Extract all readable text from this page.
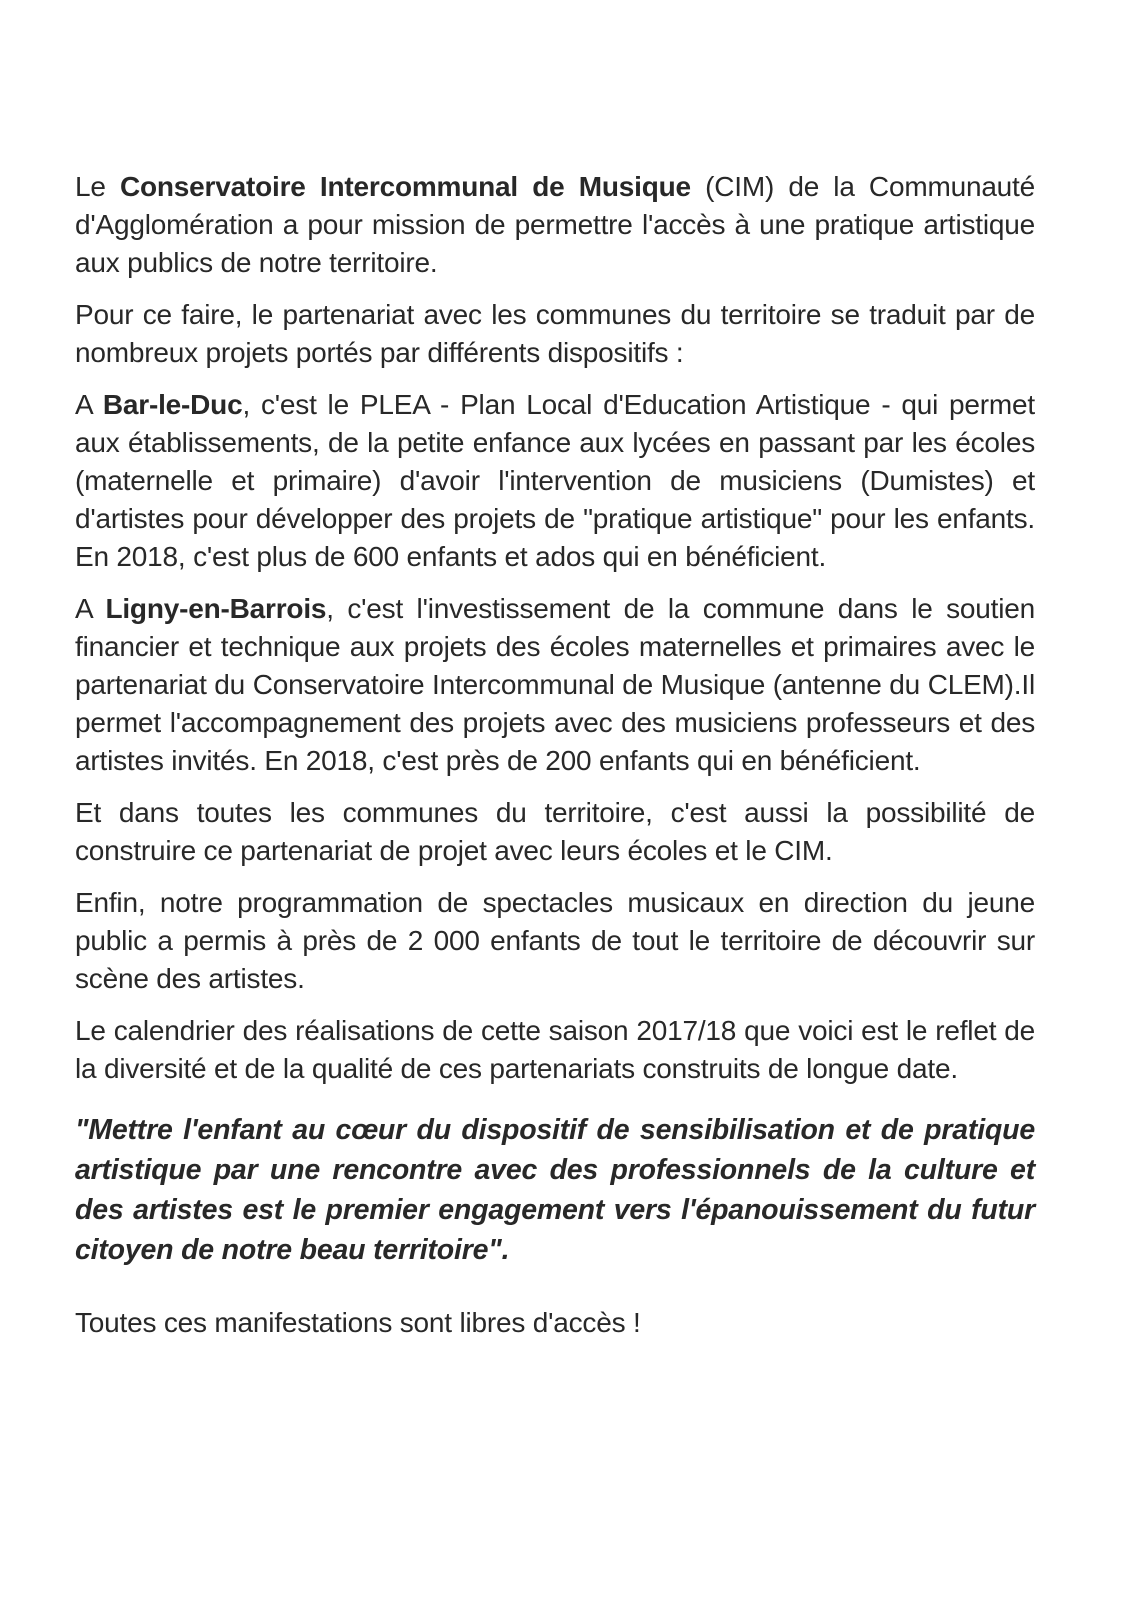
Le Conservatoire Intercommunal de Musique (CIM) de la Communauté d'Agglomération a pour mission de permettre l'accès à une pratique artistique aux publics de notre territoire.

Pour ce faire, le partenariat avec les communes du territoire se traduit par de nombreux projets portés par différents dispositifs :

A Bar-le-Duc, c'est le PLEA - Plan Local d'Education Artistique - qui permet aux établissements, de la petite enfance aux lycées en passant par les écoles (maternelle et primaire) d'avoir l'intervention de musiciens (Dumistes) et d'artistes pour développer des projets de "pratique artistique" pour les enfants. En 2018, c'est plus de 600 enfants et ados qui en bénéficient.

A Ligny-en-Barrois, c'est l'investissement de la commune dans le soutien financier et technique aux projets des écoles maternelles et primaires avec le partenariat du Conservatoire Intercommunal de Musique (antenne du CLEM).Il permet l'accompagnement des projets avec des musiciens professeurs et des artistes invités. En 2018, c'est près de 200 enfants qui en bénéficient.

Et dans toutes les communes du territoire, c'est aussi la possibilité de construire ce partenariat de projet avec leurs écoles et le CIM.

Enfin, notre programmation de spectacles musicaux en direction du jeune public a permis à près de 2 000 enfants de tout le territoire de découvrir sur scène des artistes.

Le calendrier des réalisations de cette saison 2017/18 que voici est le reflet de la diversité et de la qualité de ces partenariats construits de longue date.

"Mettre l'enfant au cœur du dispositif de sensibilisation et de pratique artistique par une rencontre avec des professionnels de la culture et des artistes est le premier engagement vers l'épanouissement du futur citoyen de notre beau territoire".

Toutes ces manifestations sont libres d'accès !
